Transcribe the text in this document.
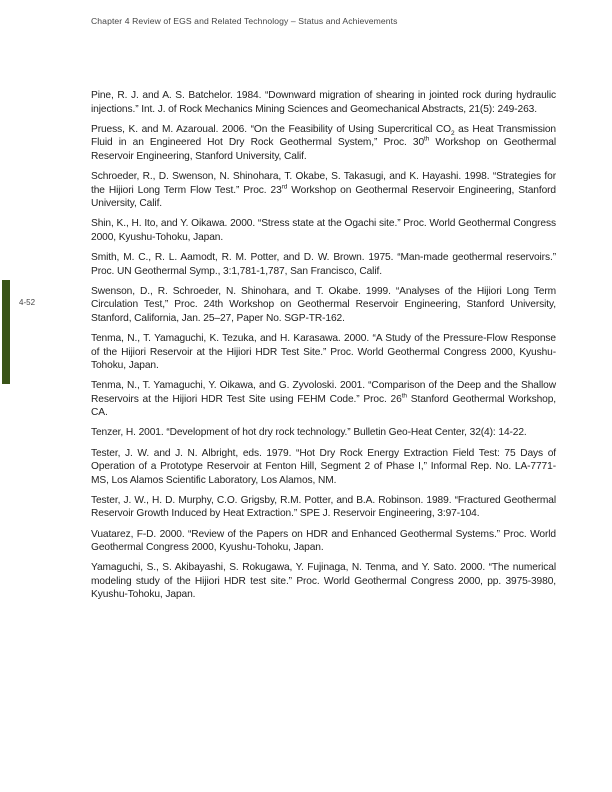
Chapter 4 Review of EGS and Related Technology – Status and Achievements
4-52

Pine, R. J. and A. S. Batchelor. 1984. “Downward migration of shearing in jointed rock during hydraulic injections.” Int. J. of Rock Mechanics Mining Sciences and Geomechanical Abstracts, 21(5): 249-263.

Pruess, K. and M. Azaroual. 2006. “On the Feasibility of Using Supercritical $CO_2$ as Heat Transmission Fluid in an Engineered Hot Dry Rock Geothermal System,” Proc. 30th Workshop on Geothermal Reservoir Engineering, Stanford University, Calif.

Schroeder, R., D. Swenson, N. Shinohara, T. Okabe, S. Takasugi, and K. Hayashi. 1998. “Strategies for the Hijiori Long Term Flow Test.” Proc. 23rd Workshop on Geothermal Reservoir Engineering, Stanford University, Calif.

Shin, K., H. Ito, and Y. Oikawa. 2000. “Stress state at the Ogachi site.” Proc. World Geothermal Congress 2000, Kyushu-Tohoku, Japan.

Smith, M. C., R. L. Aamodt, R. M. Potter, and D. W. Brown. 1975. “Man-made geothermal reservoirs.” Proc. UN Geothermal Symp., 3:1,781-1,787, San Francisco, Calif.

Swenson, D., R. Schroeder, N. Shinohara, and T. Okabe. 1999. “Analyses of the Hijiori Long Term Circulation Test,” Proc. 24th Workshop on Geothermal Reservoir Engineering, Stanford University, Stanford, California, Jan. 25–27, Paper No. SGP-TR-162.

Tenma, N., T. Yamaguchi, K. Tezuka, and H. Karasawa. 2000. “A Study of the Pressure-Flow Response of the Hijiori Reservoir at the Hijiori HDR Test Site.” Proc. World Geothermal Congress 2000, Kyushu-Tohoku, Japan.

Tenma, N., T. Yamaguchi, Y. Oikawa, and G. Zyvoloski. 2001. “Comparison of the Deep and the Shallow Reservoirs at the Hijiori HDR Test Site using FEHM Code.” Proc. 26th Stanford Geothermal Workshop, CA.

Tenzer, H. 2001. “Development of hot dry rock technology.” Bulletin Geo-Heat Center, 32(4): 14-22.

Tester, J. W. and J. N. Albright, eds. 1979. “Hot Dry Rock Energy Extraction Field Test: 75 Days of Operation of a Prototype Reservoir at Fenton Hill, Segment 2 of Phase I,” Informal Rep. No. LA-7771-MS, Los Alamos Scientific Laboratory, Los Alamos, NM.

Tester, J. W., H. D. Murphy, C.O. Grigsby, R.M. Potter, and B.A. Robinson. 1989. “Fractured Geothermal Reservoir Growth Induced by Heat Extraction.” SPE J. Reservoir Engineering, 3:97-104.

Vuatarez, F-D. 2000. “Review of the Papers on HDR and Enhanced Geothermal Systems.” Proc. World Geothermal Congress 2000, Kyushu-Tohoku, Japan.

Yamaguchi, S., S. Akibayashi, S. Rokugawa, Y. Fujinaga, N. Tenma, and Y. Sato. 2000. “The numerical modeling study of the Hijiori HDR test site.” Proc. World Geothermal Congress 2000, pp. 3975-3980, Kyushu-Tohoku, Japan.
